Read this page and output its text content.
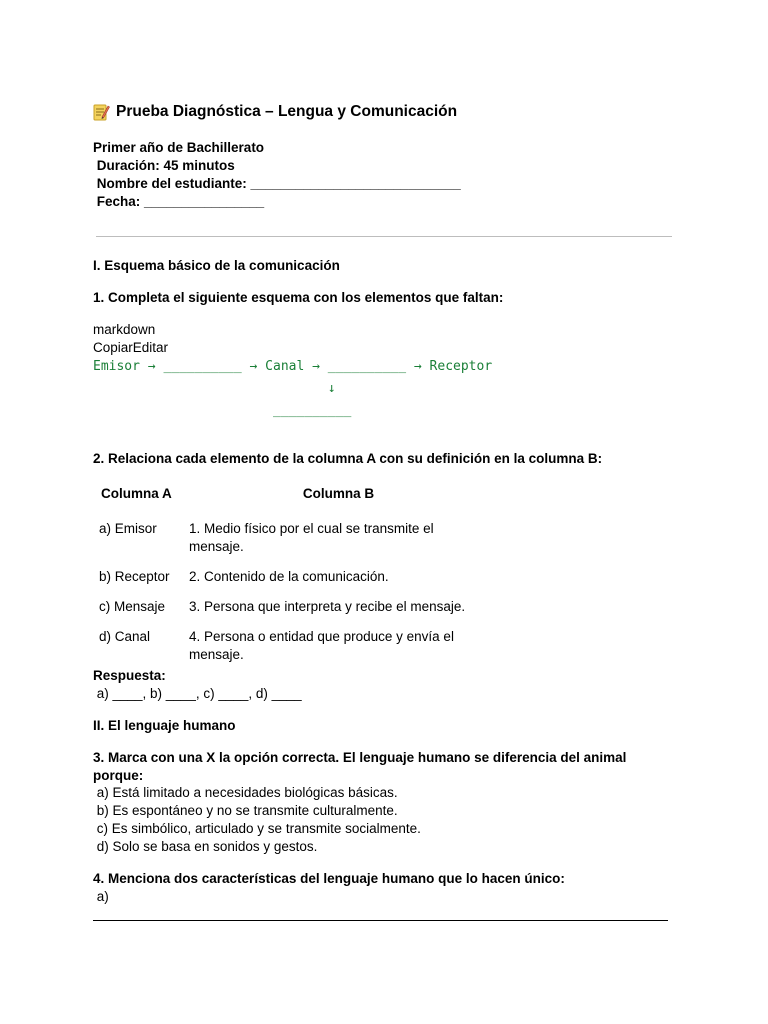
Prueba Diagnóstica – Lengua y Comunicación
Primer año de Bachillerato
Duración: 45 minutos
Nombre del estudiante: ____________________________
Fecha: ________________
I. Esquema básico de la comunicación
1. Completa el siguiente esquema con los elementos que faltan:
markdown
CopiarEditar
Emisor → __________ → Canal → __________ → Receptor
↓
__________
2. Relaciona cada elemento de la columna A con su definición en la columna B:
Columna A	Columna B
a) Emisor	1. Medio físico por el cual se transmite el mensaje.
b) Receptor	2. Contenido de la comunicación.
c) Mensaje	3. Persona que interpreta y recibe el mensaje.
d) Canal	4. Persona o entidad que produce y envía el mensaje.
Respuesta:
a) ____, b) ____, c) ____, d) ____
II. El lenguaje humano
3. Marca con una X la opción correcta. El lenguaje humano se diferencia del animal
porque:
a) Está limitado a necesidades biológicas básicas.
b) Es espontáneo y no se transmite culturalmente.
c) Es simbólico, articulado y se transmite socialmente.
d) Solo se basa en sonidos y gestos.
4. Menciona dos características del lenguaje humano que lo hacen único:
a)
